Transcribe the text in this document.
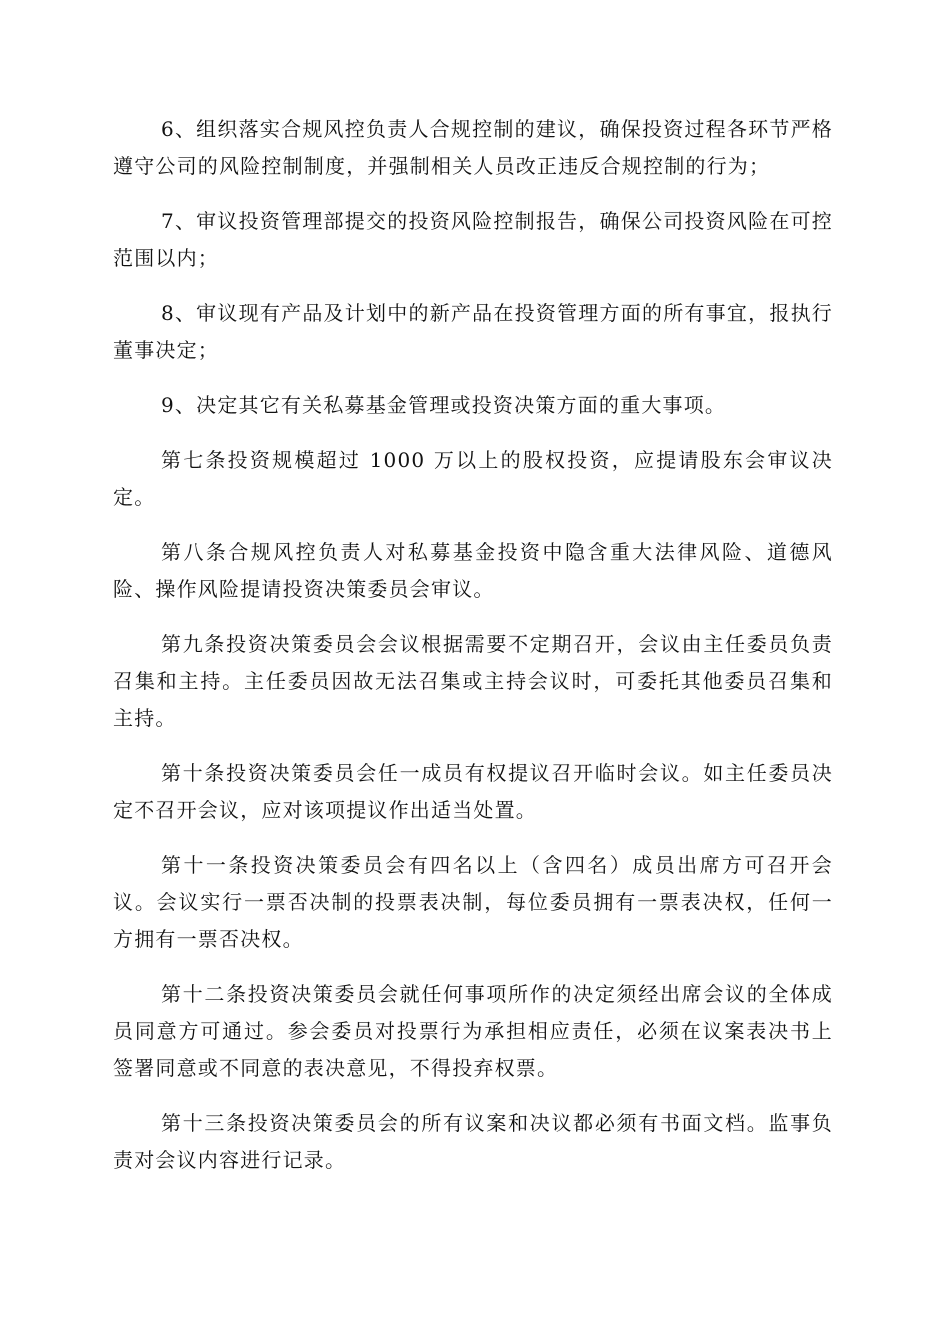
6、组织落实合规风控负责人合规控制的建议，确保投资过程各环节严格遵守公司的风险控制制度，并强制相关人员改正违反合规控制的行为；

7、审议投资管理部提交的投资风险控制报告，确保公司投资风险在可控范围以内；

8、审议现有产品及计划中的新产品在投资管理方面的所有事宜，报执行董事决定；

9、决定其它有关私募基金管理或投资决策方面的重大事项。

第七条投资规模超过 1000 万以上的股权投资，应提请股东会审议决定。

第八条合规风控负责人对私募基金投资中隐含重大法律风险、道德风险、操作风险提请投资决策委员会审议。

第九条投资决策委员会会议根据需要不定期召开，会议由主任委员负责召集和主持。主任委员因故无法召集或主持会议时，可委托其他委员召集和主持。

第十条投资决策委员会任一成员有权提议召开临时会议。如主任委员决定不召开会议，应对该项提议作出适当处置。

第十一条投资决策委员会有四名以上（含四名）成员出席方可召开会议。会议实行一票否决制的投票表决制，每位委员拥有一票表决权，任何一方拥有一票否决权。

第十二条投资决策委员会就任何事项所作的决定须经出席会议的全体成员同意方可通过。参会委员对投票行为承担相应责任，必须在议案表决书上签署同意或不同意的表决意见，不得投弃权票。

第十三条投资决策委员会的所有议案和决议都必须有书面文档。监事负责对会议内容进行记录。
